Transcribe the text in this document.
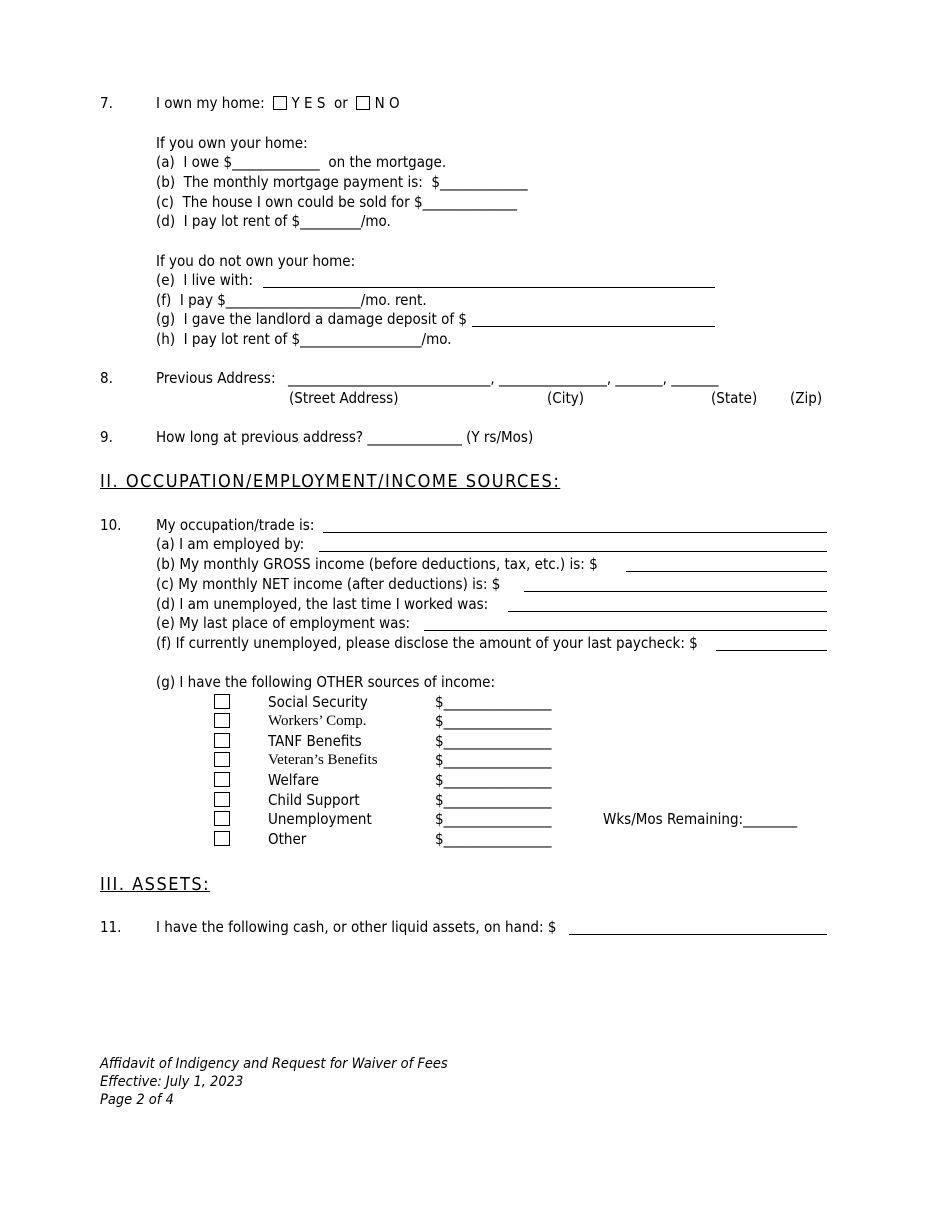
7.	I own my home: Y E S or N O
If you own your home:
(a)  I owe $_____________  on the mortgage.
(b)  The monthly mortgage payment is:  $_____________
(c)  The house I own could be sold for $______________
(d)  I pay lot rent of $_________/mo.
If you do not own your home:
(e)  I live with:
(f)  I pay $____________________/mo. rent.
(g)  I gave the landlord a damage deposit of $
(h)  I pay lot rent of $__________________/mo.
8.	Previous Address: ______________________________, ________________, _______, _______
(Street Address)	(City)	(State) (Zip)
9.	How long at previous address? ______________ (Y rs/Mos)
II. OCCUPATION/EMPLOYMENT/INCOME SOURCES:
10. My occupation/trade is:
(a) I am employed by:
(b) My monthly GROSS income (before deductions, tax, etc.) is: $
(c) My monthly NET income (after deductions) is: $
(d) I am unemployed, the last time I worked was:
(e) My last place of employment was:
(f) If currently unemployed, please disclose the amount of your last paycheck: $
(g) I have the following OTHER sources of income:
Social Security	$________________
Workers’ Comp.	$________________
TANF Benefits	$________________
Veteran’s Benefits	$________________
Welfare	$________________
Child Support	$________________
Unemployment	$________________	Wks/Mos Remaining:________
Other	$________________
III. ASSETS:
11. I have the following cash, or other liquid assets, on hand: $
Affidavit of Indigency and Request for Waiver of Fees
Effective: July 1, 2023
Page 2 of 4
